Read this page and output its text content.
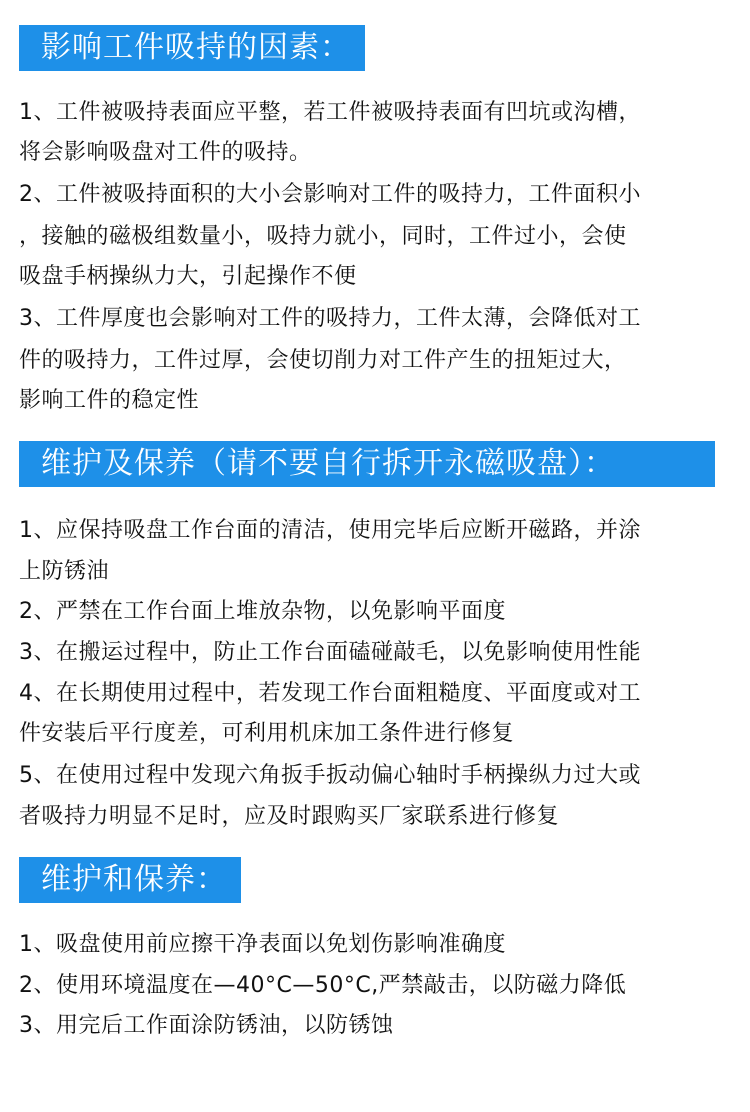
影响工件吸持的因素：
1、工件被吸持表面应平整，若工件被吸持表面有凹坑或沟槽，
将会影响吸盘对工件的吸持。
2、工件被吸持面积的大小会影响对工件的吸持力，工件面积小
，接触的磁极组数量小，吸持力就小，同时，工件过小，会使
吸盘手柄操纵力大，引起操作不便
3、工件厚度也会影响对工件的吸持力，工件太薄，会降低对工
件的吸持力，工件过厚，会使切削力对工件产生的扭矩过大，
影响工件的稳定性
维护及保养（请不要自行拆开永磁吸盘）：
1、应保持吸盘工作台面的清洁，使用完毕后应断开磁路，并涂
上防锈油
2、严禁在工作台面上堆放杂物，以免影响平面度
3、在搬运过程中，防止工作台面磕碰敲毛，以免影响使用性能
4、在长期使用过程中，若发现工作台面粗糙度、平面度或对工
件安装后平行度差，可利用机床加工条件进行修复
5、在使用过程中发现六角扳手扳动偏心轴时手柄操纵力过大或
者吸持力明显不足时，应及时跟购买厂家联系进行修复
维护和保养：
1、吸盘使用前应擦干净表面以免划伤影响准确度
2、使用环境温度在—40°C—50°C,严禁敲击，以防磁力降低
3、用完后工作面涂防锈油，以防锈蚀
